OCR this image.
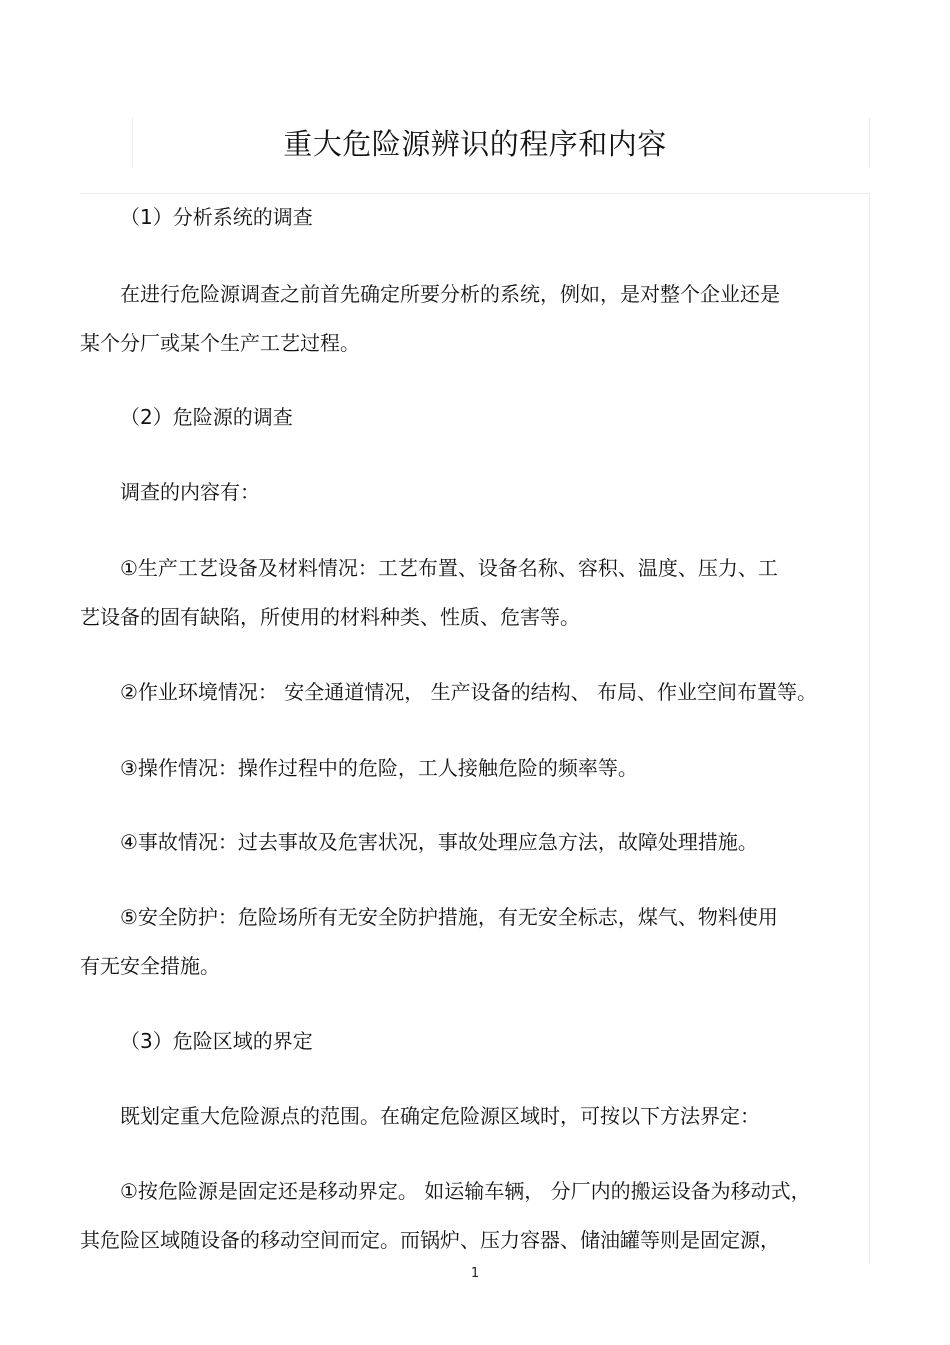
重大危险源辨识的程序和内容
（1）分析系统的调查
在进行危险源调查之前首先确定所要分析的系统，例如，是对整个企业还是
某个分厂或某个生产工艺过程。
（2）危险源的调查
调查的内容有：
①生产工艺设备及材料情况：工艺布置、设备名称、容积、温度、压力、工
艺设备的固有缺陷，所使用的材料种类、性质、危害等。
②作业环境情况： 安全通道情况， 生产设备的结构、 布局、作业空间布置等。
③操作情况：操作过程中的危险，工人接触危险的频率等。
④事故情况：过去事故及危害状况，事故处理应急方法，故障处理措施。
⑤安全防护：危险场所有无安全防护措施，有无安全标志，煤气、物料使用
有无安全措施。
（3）危险区域的界定
既划定重大危险源点的范围。在确定危险源区域时，可按以下方法界定：
①按危险源是固定还是移动界定。 如运输车辆， 分厂内的搬运设备为移动式，
其危险区域随设备的移动空间而定。而锅炉、压力容器、储油罐等则是固定源，
1
